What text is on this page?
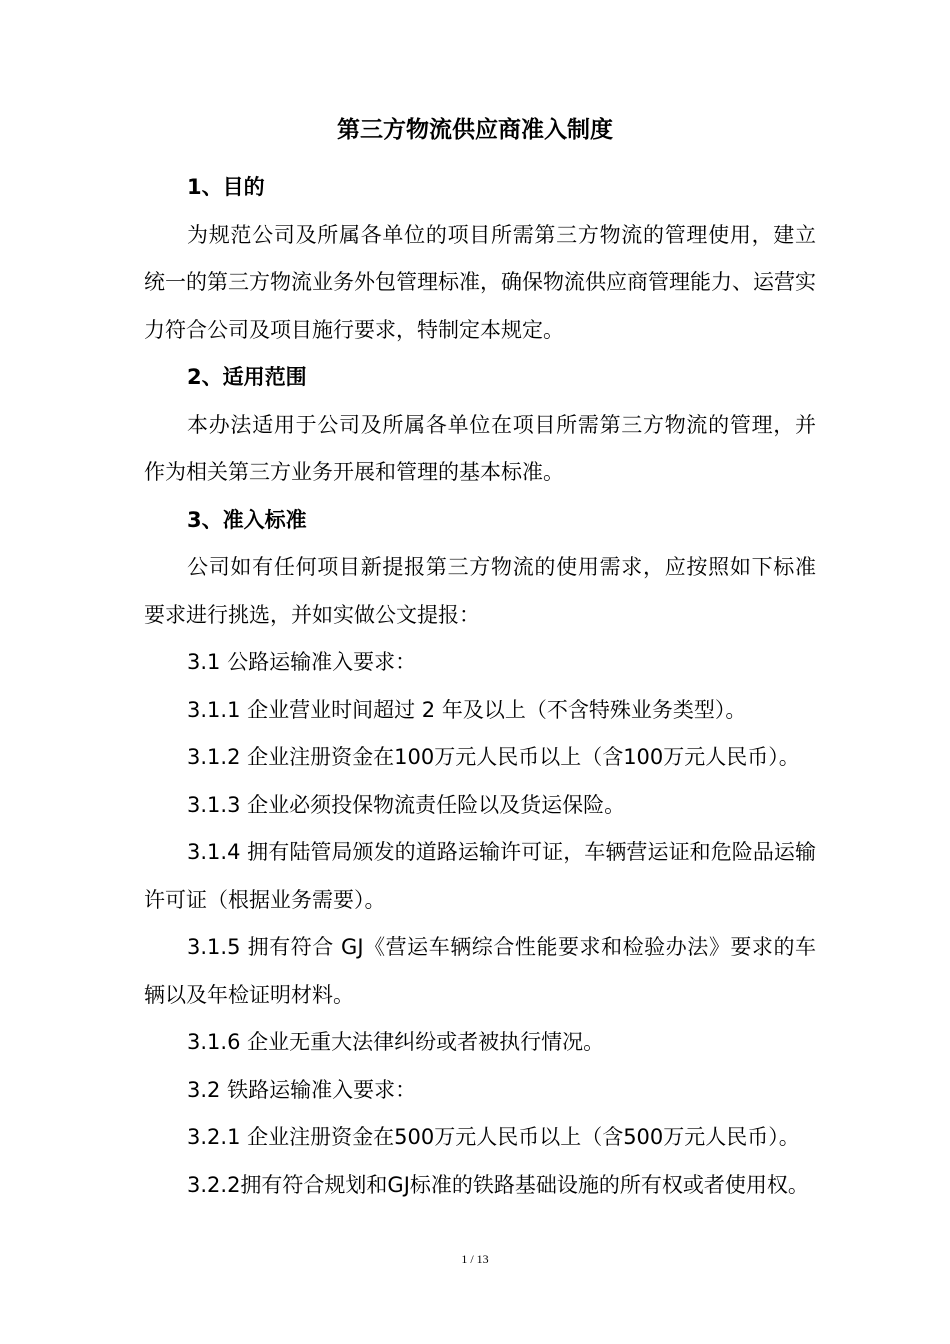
第三方物流供应商准入制度

1、目的

为规范公司及所属各单位的项目所需第三方物流的管理使用，建立统一的第三方物流业务外包管理标准，确保物流供应商管理能力、运营实力符合公司及项目施行要求，特制定本规定。

2、适用范围

本办法适用于公司及所属各单位在项目所需第三方物流的管理，并作为相关第三方业务开展和管理的基本标准。

3、准入标准

公司如有任何项目新提报第三方物流的使用需求，应按照如下标准要求进行挑选，并如实做公文提报：

3.1 公路运输准入要求：

3.1.1 企业营业时间超过 2 年及以上（不含特殊业务类型）。

3.1.2 企业注册资金在100万元人民币以上（含100万元人民币）。

3.1.3 企业必须投保物流责任险以及货运保险。

3.1.4 拥有陆管局颁发的道路运输许可证，车辆营运证和危险品运输许可证（根据业务需要）。

3.1.5 拥有符合 GJ《营运车辆综合性能要求和检验办法》要求的车辆以及年检证明材料。

3.1.6 企业无重大法律纠纷或者被执行情况。

3.2 铁路运输准入要求：

3.2.1 企业注册资金在500万元人民币以上（含500万元人民币）。

3.2.2拥有符合规划和GJ标准的铁路基础设施的所有权或者使用权。

1 / 13
